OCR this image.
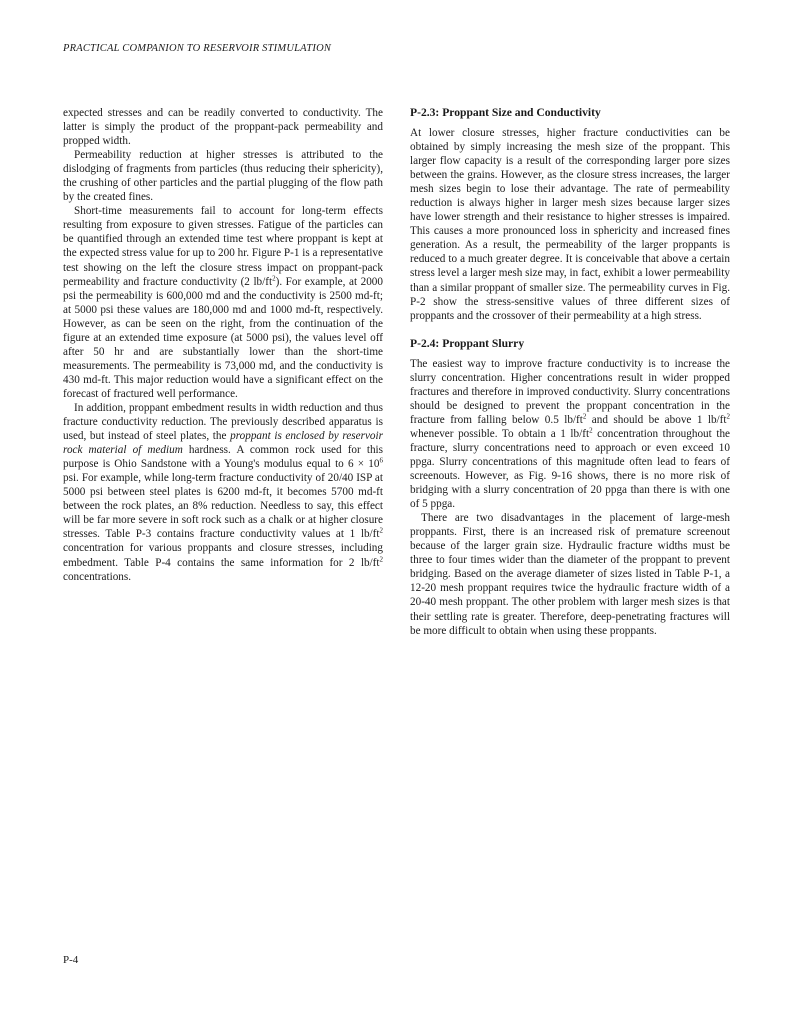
PRACTICAL COMPANION TO RESERVOIR STIMULATION

expected stresses and can be readily converted to conductivity. The latter is simply the product of the proppant-pack permeability and propped width.

Permeability reduction at higher stresses is attributed to the dislodging of fragments from particles (thus reducing their sphericity), the crushing of other particles and the partial plugging of the flow path by the created fines.

Short-time measurements fail to account for long-term effects resulting from exposure to given stresses. Fatigue of the particles can be quantified through an extended time test where proppant is kept at the expected stress value for up to 200 hr. Figure P-1 is a representative test showing on the left the closure stress impact on proppant-pack permeability and fracture conductivity (2 $lb/ft^2$). For example, at 2000 psi the permeability is 600,000 md and the conductivity is 2500 md-ft; at 5000 psi these values are 180,000 md and 1000 md-ft, respectively. However, as can be seen on the right, from the continuation of the figure at an extended time exposure (at 5000 psi), the values level off after 50 hr and are substantially lower than the short-time measurements. The permeability is 73,000 md, and the conductivity is 430 md-ft. This major reduction would have a significant effect on the forecast of fractured well performance.

In addition, proppant embedment results in width reduction and thus fracture conductivity reduction. The previously described apparatus is used, but instead of steel plates, the proppant is enclosed by reservoir rock material of medium hardness. A common rock used for this purpose is Ohio Sandstone with a Young's modulus equal to $6 \times 10^6$ psi. For example, while long-term fracture conductivity of 20/40 ISP at 5000 psi between steel plates is 6200 md-ft, it becomes 5700 md-ft between the rock plates, an 8% reduction. Needless to say, this effect will be far more severe in soft rock such as a chalk or at higher closure stresses. Table P-3 contains fracture conductivity values at 1 $lb/ft^2$ concentration for various proppants and closure stresses, including embedment. Table P-4 contains the same information for 2 $lb/ft^2$ concentrations.

P-2.3: Proppant Size and Conductivity

At lower closure stresses, higher fracture conductivities can be obtained by simply increasing the mesh size of the proppant. This larger flow capacity is a result of the corresponding larger pore sizes between the grains. However, as the closure stress increases, the larger mesh sizes begin to lose their advantage. The rate of permeability reduction is always higher in larger mesh sizes because larger sizes have lower strength and their resistance to higher stresses is impaired. This causes a more pronounced loss in sphericity and increased fines generation. As a result, the permeability of the larger proppants is reduced to a much greater degree. It is conceivable that above a certain stress level a larger mesh size may, in fact, exhibit a lower permeability than a similar proppant of smaller size. The permeability curves in Fig. P-2 show the stress-sensitive values of three different sizes of proppants and the crossover of their permeability at a high stress.

P-2.4: Proppant Slurry

The easiest way to improve fracture conductivity is to increase the slurry concentration. Higher concentrations result in wider propped fractures and therefore in improved conductivity. Slurry concentrations should be designed to prevent the proppant concentration in the fracture from falling below 0.5 $lb/ft^2$ and should be above 1 $lb/ft^2$ whenever possible. To obtain a 1 $lb/ft^2$ concentration throughout the fracture, slurry concentrations need to approach or even exceed 10 ppga. Slurry concentrations of this magnitude often lead to fears of screenouts. However, as Fig. 9-16 shows, there is no more risk of bridging with a slurry concentration of 20 ppga than there is with one of 5 ppga.

There are two disadvantages in the placement of large-mesh proppants. First, there is an increased risk of premature screenout because of the larger grain size. Hydraulic fracture widths must be three to four times wider than the diameter of the proppant to prevent bridging. Based on the average diameter of sizes listed in Table P-1, a 12-20 mesh proppant requires twice the hydraulic fracture width of a 20-40 mesh proppant. The other problem with larger mesh sizes is that their settling rate is greater. Therefore, deep-penetrating fractures will be more difficult to obtain when using these proppants.

P-4
